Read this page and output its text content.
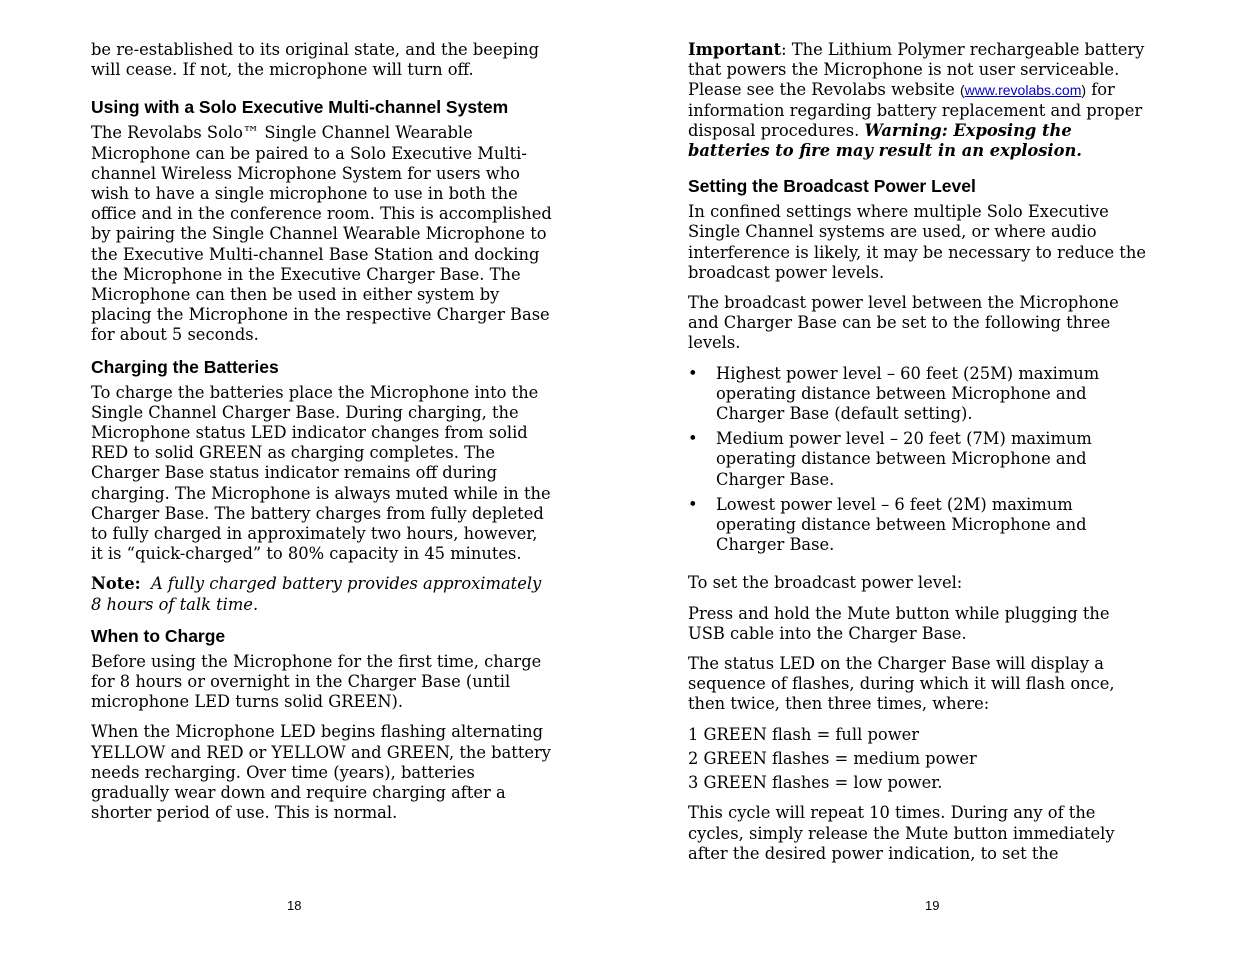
be re-established to its original state, and the beeping will cease. If not, the microphone will turn off.

Using with a Solo Executive Multi-channel System

The Revolabs Solo™ Single Channel Wearable Microphone can be paired to a Solo Executive Multi-channel Wireless Microphone System for users who wish to have a single microphone to use in both the office and in the conference room. This is accomplished by pairing the Single Channel Wearable Microphone to the Executive Multi-channel Base Station and docking the Microphone in the Executive Charger Base. The Microphone can then be used in either system by placing the Microphone in the respective Charger Base for about 5 seconds.

Charging the Batteries

To charge the batteries place the Microphone into the Single Channel Charger Base. During charging, the Microphone status LED indicator changes from solid RED to solid GREEN as charging completes. The Charger Base status indicator remains off during charging. The Microphone is always muted while in the Charger Base. The battery charges from fully depleted to fully charged in approximately two hours, however, it is “quick-charged” to 80% capacity in 45 minutes.

Note: A fully charged battery provides approximately 8 hours of talk time.

When to Charge

Before using the Microphone for the first time, charge for 8 hours or overnight in the Charger Base (until microphone LED turns solid GREEN).

When the Microphone LED begins flashing alternating YELLOW and RED or YELLOW and GREEN, the battery needs recharging. Over time (years), batteries gradually wear down and require charging after a shorter period of use. This is normal.

18

Important: The Lithium Polymer rechargeable battery that powers the Microphone is not user serviceable. Please see the Revolabs website (www.revolabs.com) for information regarding battery replacement and proper disposal procedures. Warning: Exposing the batteries to fire may result in an explosion.

Setting the Broadcast Power Level

In confined settings where multiple Solo Executive Single Channel systems are used, or where audio interference is likely, it may be necessary to reduce the broadcast power levels.

The broadcast power level between the Microphone and Charger Base can be set to the following three levels.

• Highest power level – 60 feet (25M) maximum operating distance between Microphone and Charger Base (default setting).
• Medium power level – 20 feet (7M) maximum operating distance between Microphone and Charger Base.
• Lowest power level – 6 feet (2M) maximum operating distance between Microphone and Charger Base.

To set the broadcast power level:

Press and hold the Mute button while plugging the USB cable into the Charger Base.

The status LED on the Charger Base will display a sequence of flashes, during which it will flash once, then twice, then three times, where:

1 GREEN flash = full power

2 GREEN flashes = medium power

3 GREEN flashes = low power.

This cycle will repeat 10 times. During any of the cycles, simply release the Mute button immediately after the desired power indication, to set the

19
